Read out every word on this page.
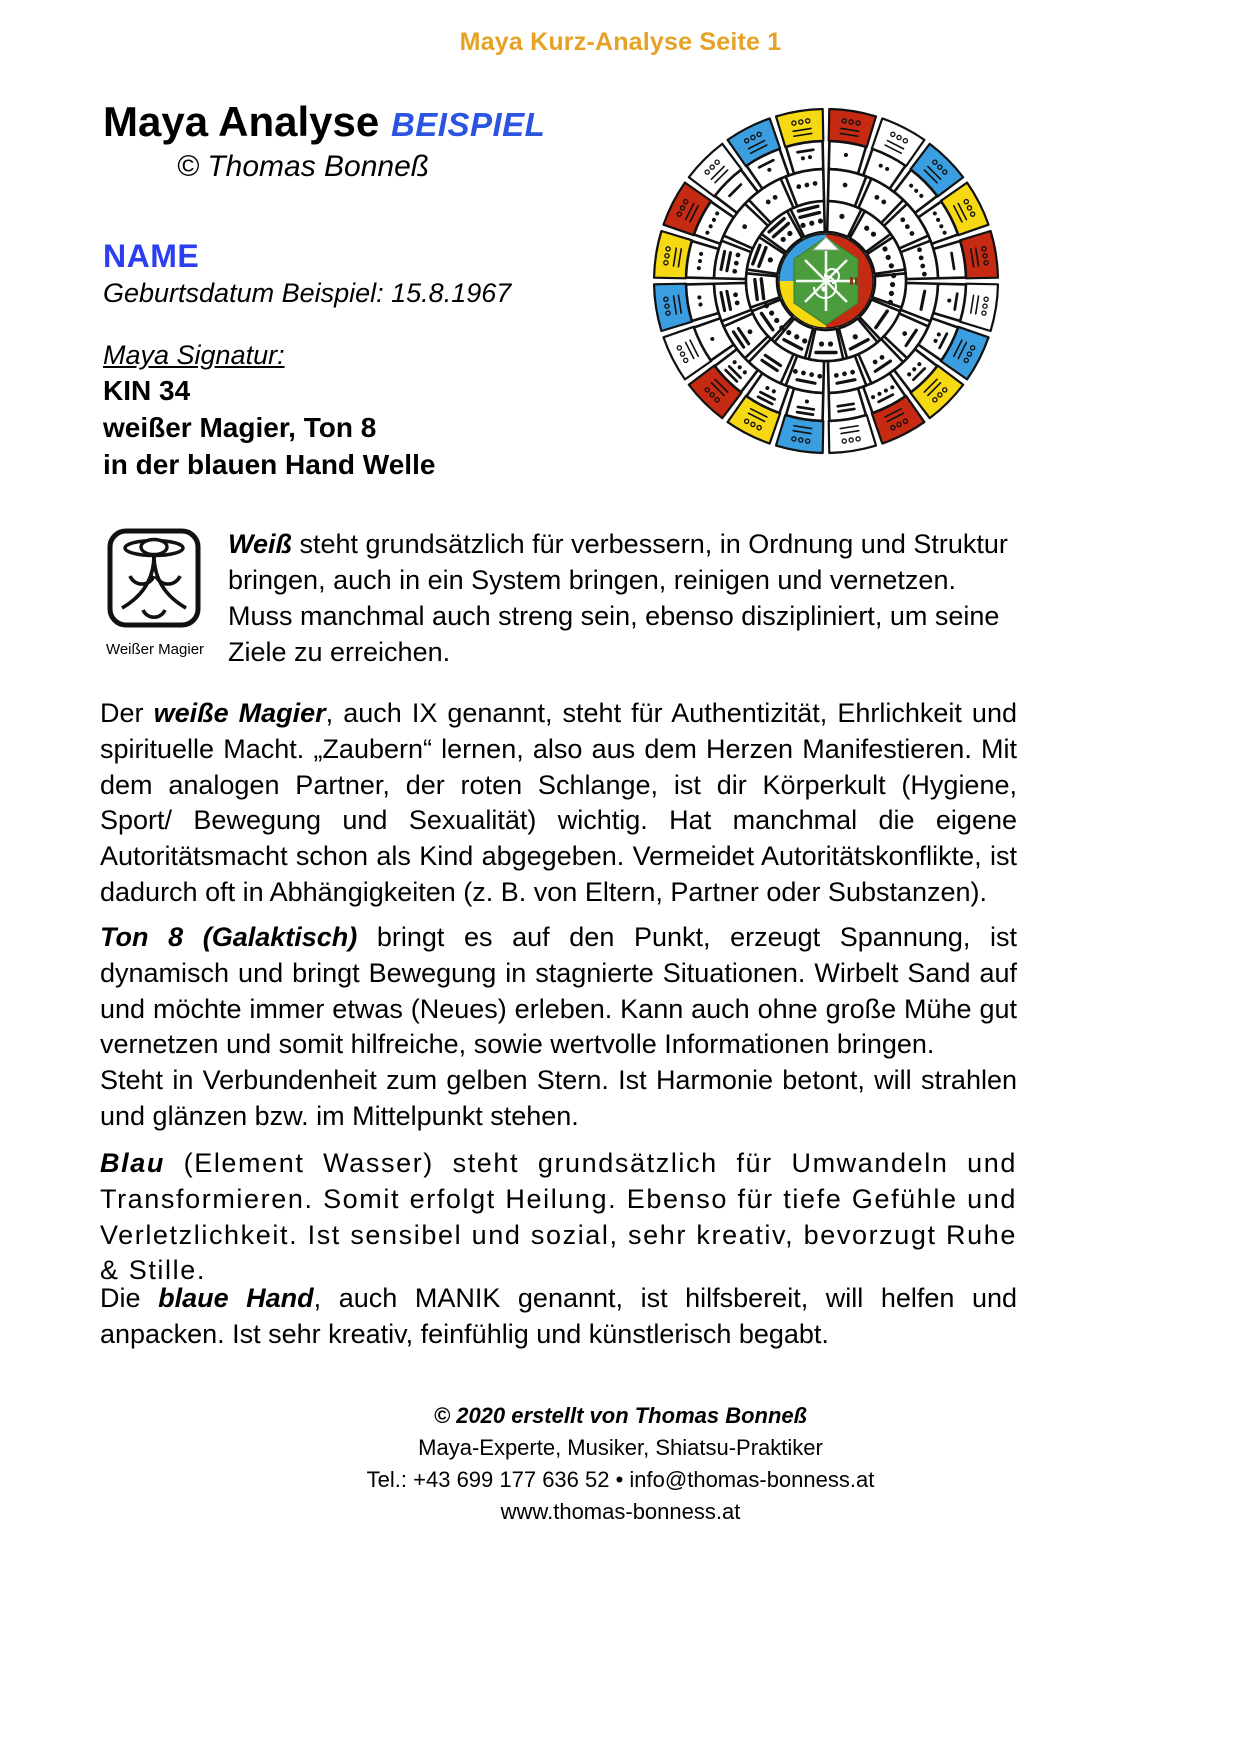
Maya Kurz-Analyse Seite 1
Maya Analyse BEISPIEL
© Thomas Bonneß
NAME
Geburtsdatum Beispiel: 15.8.1967
Maya Signatur:
KIN 34
weißer Magier, Ton 8
in der blauen Hand Welle
Weißer Magier
Weiß steht grundsätzlich für verbessern, in Ordnung und Struktur bringen, auch in ein System bringen, reinigen und vernetzen. Muss manchmal auch streng sein, ebenso diszipliniert, um seine Ziele zu erreichen.
Der weiße Magier, auch IX genannt, steht für Authentizität, Ehrlichkeit und spirituelle Macht. „Zaubern“ lernen, also aus dem Herzen Manifestieren. Mit dem analogen Partner, der roten Schlange, ist dir Körperkult (Hygiene, Sport/ Bewegung und Sexualität) wichtig. Hat manchmal die eigene Autoritätsmacht schon als Kind abgegeben. Vermeidet Autoritätskonflikte, ist dadurch oft in Abhängigkeiten (z. B. von Eltern, Partner oder Substanzen).
Ton 8 (Galaktisch) bringt es auf den Punkt, erzeugt Spannung, ist dynamisch und bringt Bewegung in stagnierte Situationen. Wirbelt Sand auf und möchte immer etwas (Neues) erleben. Kann auch ohne große Mühe gut vernetzen und somit hilfreiche, sowie wertvolle Informationen bringen.
Steht in Verbundenheit zum gelben Stern. Ist Harmonie betont, will strahlen und glänzen bzw. im Mittelpunkt stehen.
Blau (Element Wasser) steht grundsätzlich für Umwandeln und Transformieren. Somit erfolgt Heilung. Ebenso für tiefe Gefühle und Verletzlichkeit. Ist sensibel und sozial, sehr kreativ, bevorzugt Ruhe & Stille.
Die blaue Hand, auch MANIK genannt, ist hilfsbereit, will helfen und anpacken. Ist sehr kreativ, feinfühlig und künstlerisch begabt.
© 2020 erstellt von Thomas Bonneß
Maya-Experte, Musiker, Shiatsu-Praktiker
Tel.: +43 699 177 636 52 • info@thomas-bonness.at
www.thomas-bonness.at
